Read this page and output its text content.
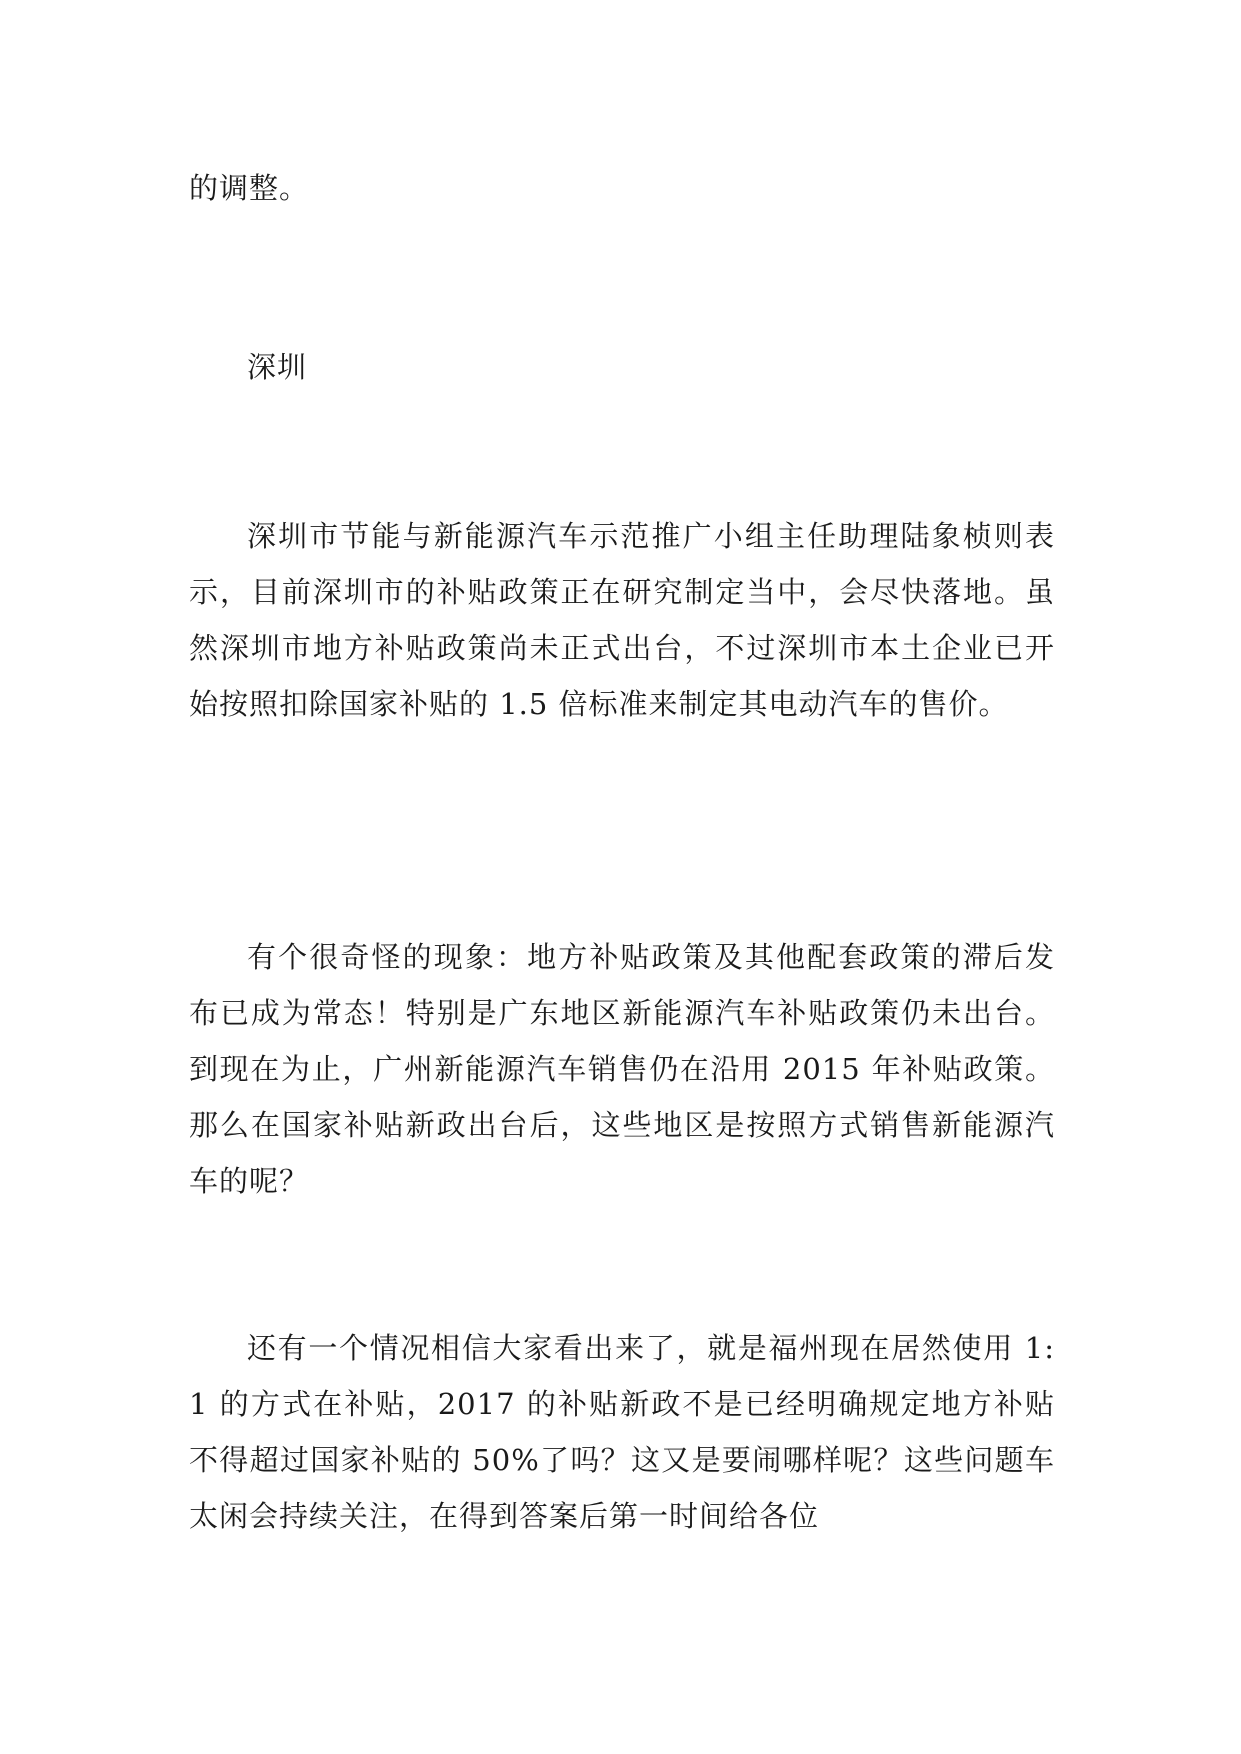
的调整。

深圳

深圳市节能与新能源汽车示范推广小组主任助理陆象桢则表示，目前深圳市的补贴政策正在研究制定当中，会尽快落地。虽然深圳市地方补贴政策尚未正式出台，不过深圳市本土企业已开始按照扣除国家补贴的 1.5 倍标准来制定其电动汽车的售价。

有个很奇怪的现象：地方补贴政策及其他配套政策的滞后发布已成为常态！特别是广东地区新能源汽车补贴政策仍未出台。到现在为止，广州新能源汽车销售仍在沿用 2015 年补贴政策。那么在国家补贴新政出台后，这些地区是按照方式销售新能源汽车的呢？

还有一个情况相信大家看出来了，就是福州现在居然使用 1:1 的方式在补贴，2017 的补贴新政不是已经明确规定地方补贴不得超过国家补贴的 50%了吗？这又是要闹哪样呢？这些问题车太闲会持续关注，在得到答案后第一时间给各位
